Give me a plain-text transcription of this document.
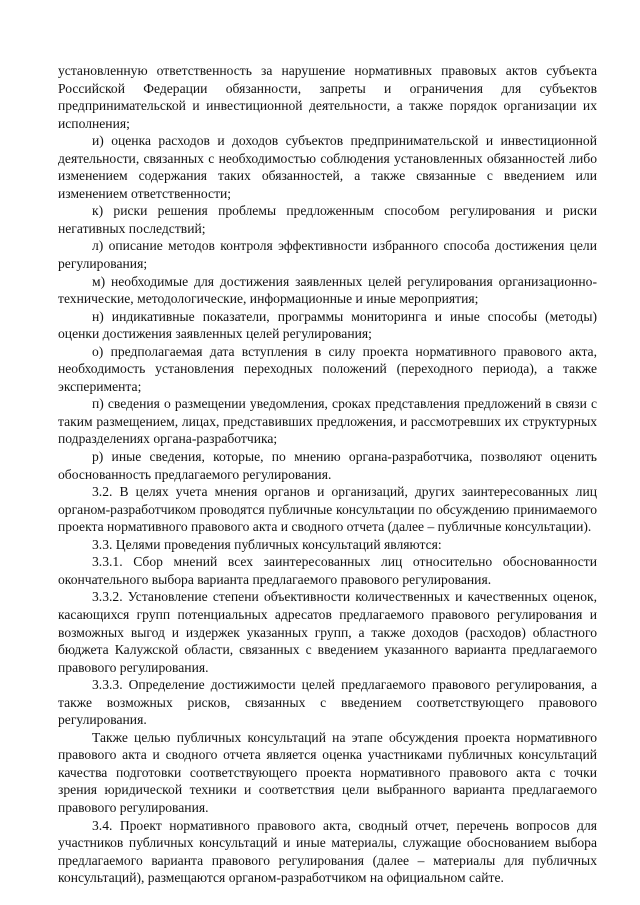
установленную ответственность за нарушение нормативных правовых актов субъекта Российской Федерации обязанности, запреты и ограничения для субъектов предпринимательской и инвестиционной деятельности, а также порядок организации их исполнения;

и) оценка расходов и доходов субъектов предпринимательской и инвестиционной деятельности, связанных с необходимостью соблюдения установленных обязанностей либо изменением содержания таких обязанностей, а также связанные с введением или изменением ответственности;

к) риски решения проблемы предложенным способом регулирования и риски негативных последствий;

л) описание методов контроля эффективности избранного способа достижения цели регулирования;

м) необходимые для достижения заявленных целей регулирования организационно-технические, методологические, информационные и иные мероприятия;

н) индикативные показатели, программы мониторинга и иные способы (методы) оценки достижения заявленных целей регулирования;

о) предполагаемая дата вступления в силу проекта нормативного правового акта, необходимость установления переходных положений (переходного периода), а также эксперимента;

п) сведения о размещении уведомления, сроках представления предложений в связи с таким размещением, лицах, представивших предложения, и рассмотревших их структурных подразделениях органа-разработчика;

р) иные сведения, которые, по мнению органа-разработчика, позволяют оценить обоснованность предлагаемого регулирования.

3.2. В целях учета мнения органов и организаций, других заинтересованных лиц органом-разработчиком проводятся публичные консультации по обсуждению принимаемого проекта нормативного правового акта и сводного отчета (далее – публичные консультации).

3.3. Целями проведения публичных консультаций являются:

3.3.1. Сбор мнений всех заинтересованных лиц относительно обоснованности окончательного выбора варианта предлагаемого правового регулирования.

3.3.2. Установление степени объективности количественных и качественных оценок, касающихся групп потенциальных адресатов предлагаемого правового регулирования и возможных выгод и издержек указанных групп, а также доходов (расходов) областного бюджета Калужской области, связанных с введением указанного варианта предлагаемого правового регулирования.

3.3.3. Определение достижимости целей предлагаемого правового регулирования, а также возможных рисков, связанных с введением соответствующего правового регулирования.

Также целью публичных консультаций на этапе обсуждения проекта нормативного правового акта и сводного отчета является оценка участниками публичных консультаций качества подготовки соответствующего проекта нормативного правового акта с точки зрения юридической техники и соответствия цели выбранного варианта предлагаемого правового регулирования.

3.4. Проект нормативного правового акта, сводный отчет, перечень вопросов для участников публичных консультаций и иные материалы, служащие обоснованием выбора предлагаемого варианта правового регулирования (далее – материалы для публичных консультаций), размещаются органом-разработчиком на официальном сайте.
